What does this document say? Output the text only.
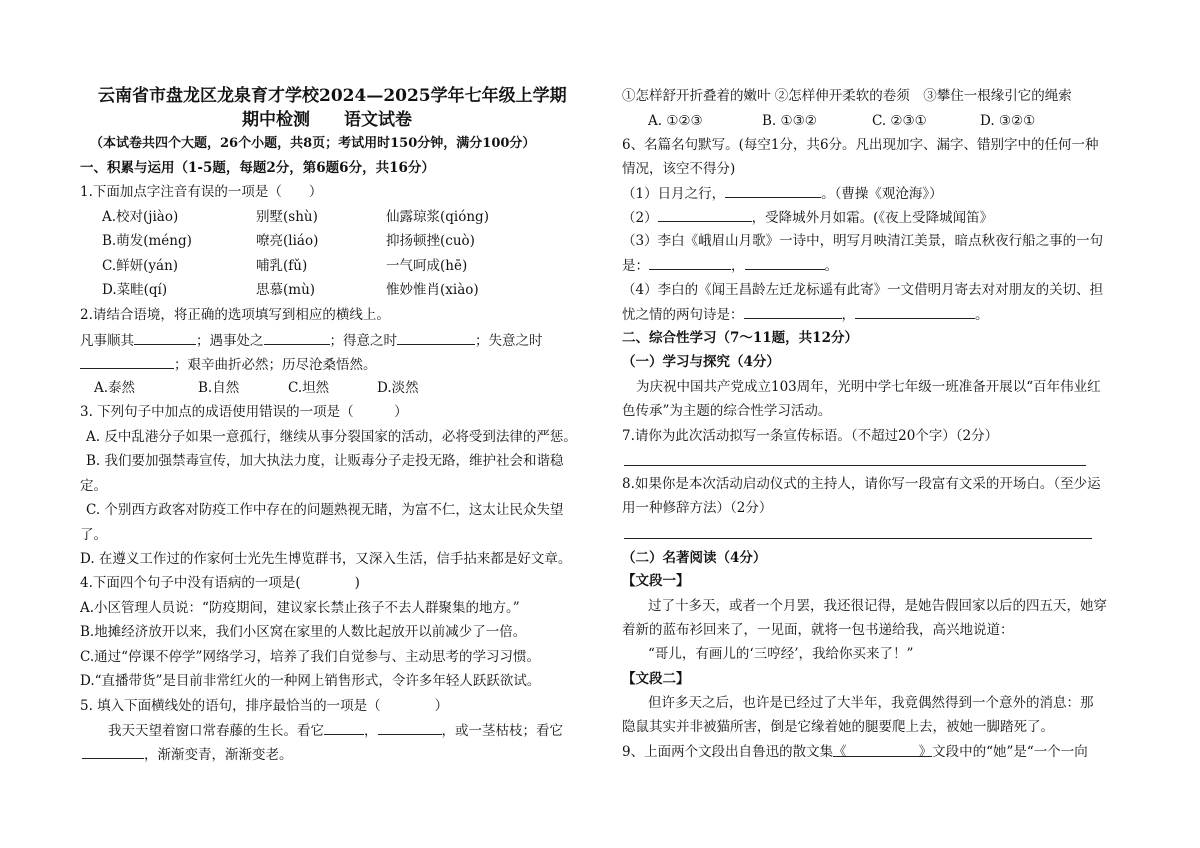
云南省市盘龙区龙泉育才学校2024—2025学年七年级上学期
期中检测　　语文试卷
（本试卷共四个大题，26个小题，共8页；考试用时150分钟，满分100分）
一、积累与运用（1-5题，每题2分，第6题6分，共16分）
1.下面加点字注音有误的一项是（　　）
A.校对(jiào)	别墅(shù)	仙露琼浆(qióng)
B.萌发(méng)	嘹亮(liáo)	抑扬顿挫(cuò)
C.鲜妍(yán)	哺乳(fǔ)	一气呵成(hē)
D.菜畦(qí)	思慕(mù)	惟妙惟肖(xiào)
2.请结合语境，将正确的选项填写到相应的横线上。
凡事顺其	；遇事处之	；得意之时	；失意之时
；艰辛曲折必然；历尽沧桑悟然。
A.泰然	B.自然	C.坦然	D.淡然
3. 下列句子中加点的成语使用错误的一项是（　　　）
A. 反中乱港分子如果一意孤行，继续从事分裂国家的活动，必将受到法律的严惩。
B. 我们要加强禁毒宣传，加大执法力度，让贩毒分子走投无路，维护社会和谐稳
定。
C. 个别西方政客对防疫工作中存在的问题熟视无睹，为富不仁，这太让民众失望
了。
D. 在遵义工作过的作家何士光先生博览群书，又深入生活，信手拈来都是好文章。
4.下面四个句子中没有语病的一项是(　　　　)
A.小区管理人员说：“防疫期间，建议家长禁止孩子不去人群聚集的地方。”
B.地摊经济放开以来，我们小区窝在家里的人数比起放开以前减少了一倍。
C.通过“停课不停学”网络学习，培养了我们自觉参与、主动思考的学习习惯。
D.“直播带货”是目前非常红火的一种网上销售形式，令许多年轻人跃跃欲试。
5. 填入下面横线处的语句，排序最恰当的一项是（　　　　）
我天天望着窗口常春藤的生长。看它	，	，或一茎枯枝；看它
，渐渐变青，渐渐变老。
①怎样舒开折叠着的嫩叶 ②怎样伸开柔软的卷须　③攀住一根缘引它的绳索
A. ①②③	B. ①③②	C. ②③①	D. ③②①
6、名篇名句默写。(每空1分，共6分。凡出现加字、漏字、错别字中的任何一种
情况，该空不得分)
（1）日月之行，	。（曹操《观沧海》）
（2）	，受降城外月如霜。(《夜上受降城闻笛》
（3）李白《峨眉山月歌》一诗中，明写月映清江美景，暗点秋夜行船之事的一句
是：	，	。
（4）李白的《闻王昌龄左迁龙标遥有此寄》一文借明月寄去对对朋友的关切、担
忧之情的两句诗是：	，	。
二、综合性学习（7～11题，共12分）
（一）学习与探究（4分）
为庆祝中国共产党成立103周年，光明中学七年级一班准备开展以“百年伟业红
色传承”为主题的综合性学习活动。
7.请你为此次活动拟写一条宣传标语。（不超过20个字）（2分）
8.如果你是本次活动启动仪式的主持人，请你写一段富有文采的开场白。（至少运
用一种修辞方法）（2分）
（二）名著阅读（4分）
【文段一】
过了十多天，或者一个月罢，我还很记得，是她告假回家以后的四五天，她穿
着新的蓝布衫回来了，一见面，就将一包书递给我，高兴地说道：
“哥儿，有画儿的‘三哼经’，我给你买来了！”
【文段二】
但许多天之后，也许是已经过了大半年，我竟偶然得到一个意外的消息：那
隐鼠其实并非被猫所害，倒是它缘着她的腿要爬上去，被她一脚踏死了。
9、上面两个文段出自鲁迅的散文集《	》文段中的“她”是“一个一向
